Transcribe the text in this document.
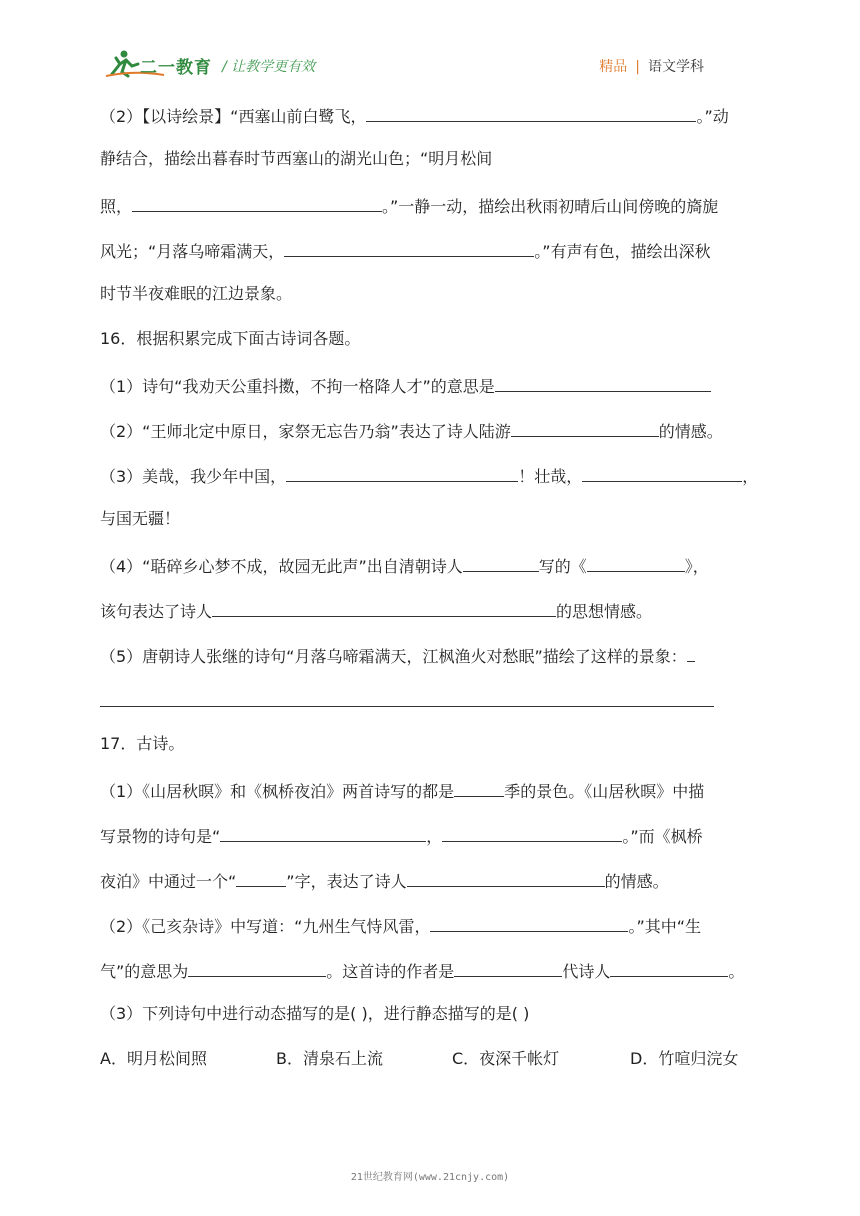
二一教育 / 让教学更有效	精品 | 语文学科
（2）【以诗绘景】“西塞山前白鹭飞，	。”动
静结合，描绘出暮春时节西塞山的湖光山色；“明月松间
照，	。”一静一动，描绘出秋雨初晴后山间傍晚的旖旎
风光；“月落乌啼霜满天，	。”有声有色，描绘出深秋
时节半夜难眠的江边景象。
16．根据积累完成下面古诗词各题。
（1）诗句“我劝天公重抖擞，不拘一格降人才”的意思是
（2）“王师北定中原日，家祭无忘告乃翁”表达了诗人陆游	的情感。
（3）美哉，我少年中国，	！壮哉，	，
与国无疆！
（4）“聒碎乡心梦不成，故园无此声”出自清朝诗人	写的《	》，
该句表达了诗人	的思想情感。
（5）唐朝诗人张继的诗句“月落乌啼霜满天，江枫渔火对愁眠”描绘了这样的景象：
17．古诗。
（1）《山居秋暝》和《枫桥夜泊》两首诗写的都是	季的景色。《山居秋暝》中描
写景物的诗句是“	，	。”而《枫桥
夜泊》中通过一个“	”字，表达了诗人	的情感。
（2）《己亥杂诗》中写道：“九州生气恃风雷，	。”其中“生
气”的意思为	。这首诗的作者是	代诗人	。
（3）下列诗句中进行动态描写的是( )，进行静态描写的是( )
A．明月松间照	B．清泉石上流	C．夜深千帐灯	D．竹喧归浣女
21世纪教育网(www.21cnjy.com)
